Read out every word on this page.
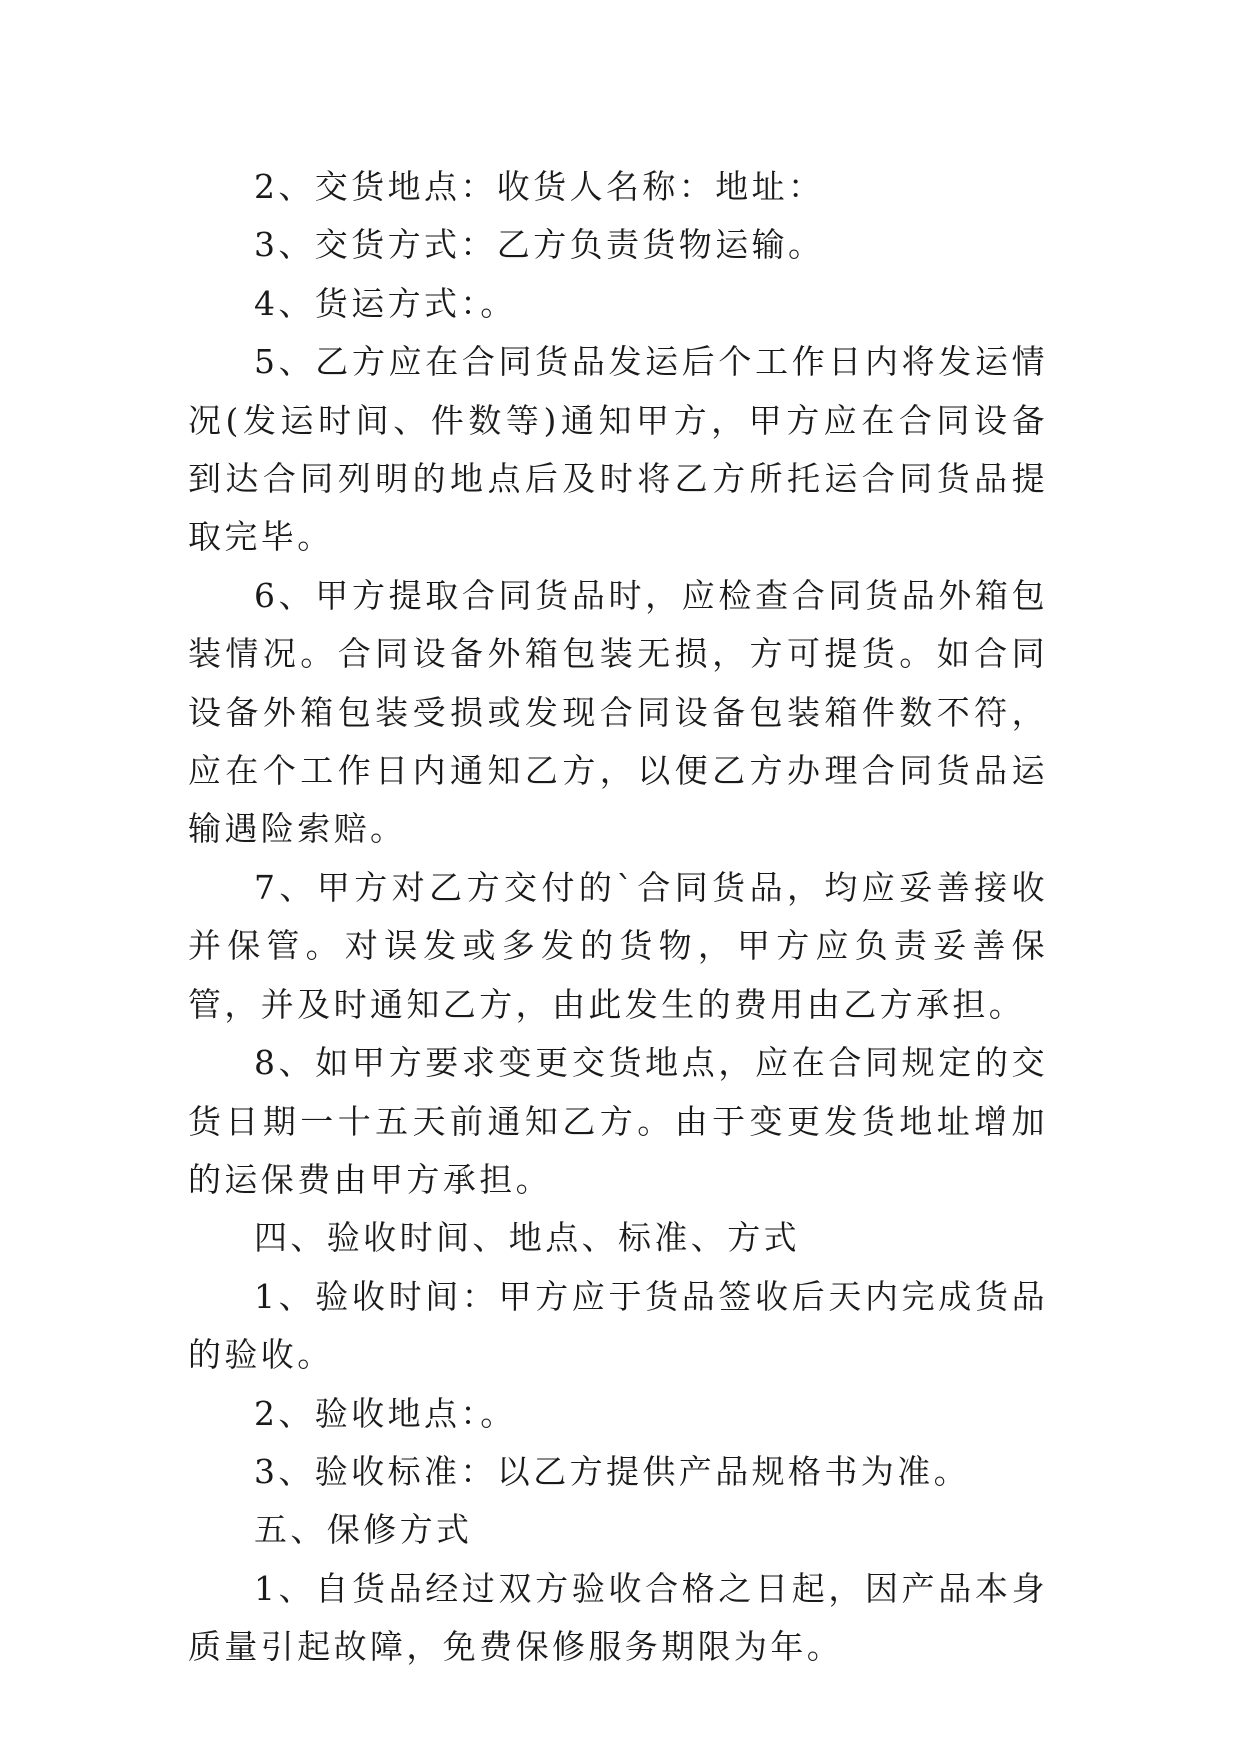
2、交货地点：收货人名称：地址：

3、交货方式：乙方负责货物运输。

4、货运方式：。

5、乙方应在合同货品发运后个工作日内将发运情况(发运时间、件数等)通知甲方，甲方应在合同设备到达合同列明的地点后及时将乙方所托运合同货品提取完毕。

6、甲方提取合同货品时，应检查合同货品外箱包装情况。合同设备外箱包装无损，方可提货。如合同设备外箱包装受损或发现合同设备包装箱件数不符，应在个工作日内通知乙方，以便乙方办理合同货品运输遇险索赔。

7、甲方对乙方交付的`合同货品，均应妥善接收并保管。对误发或多发的货物，甲方应负责妥善保管，并及时通知乙方，由此发生的费用由乙方承担。

8、如甲方要求变更交货地点，应在合同规定的交货日期一十五天前通知乙方。由于变更发货地址增加的运保费由甲方承担。

四、验收时间、地点、标准、方式

1、验收时间：甲方应于货品签收后天内完成货品的验收。

2、验收地点：。

3、验收标准：以乙方提供产品规格书为准。

五、保修方式

1、自货品经过双方验收合格之日起，因产品本身质量引起故障，免费保修服务期限为年。
